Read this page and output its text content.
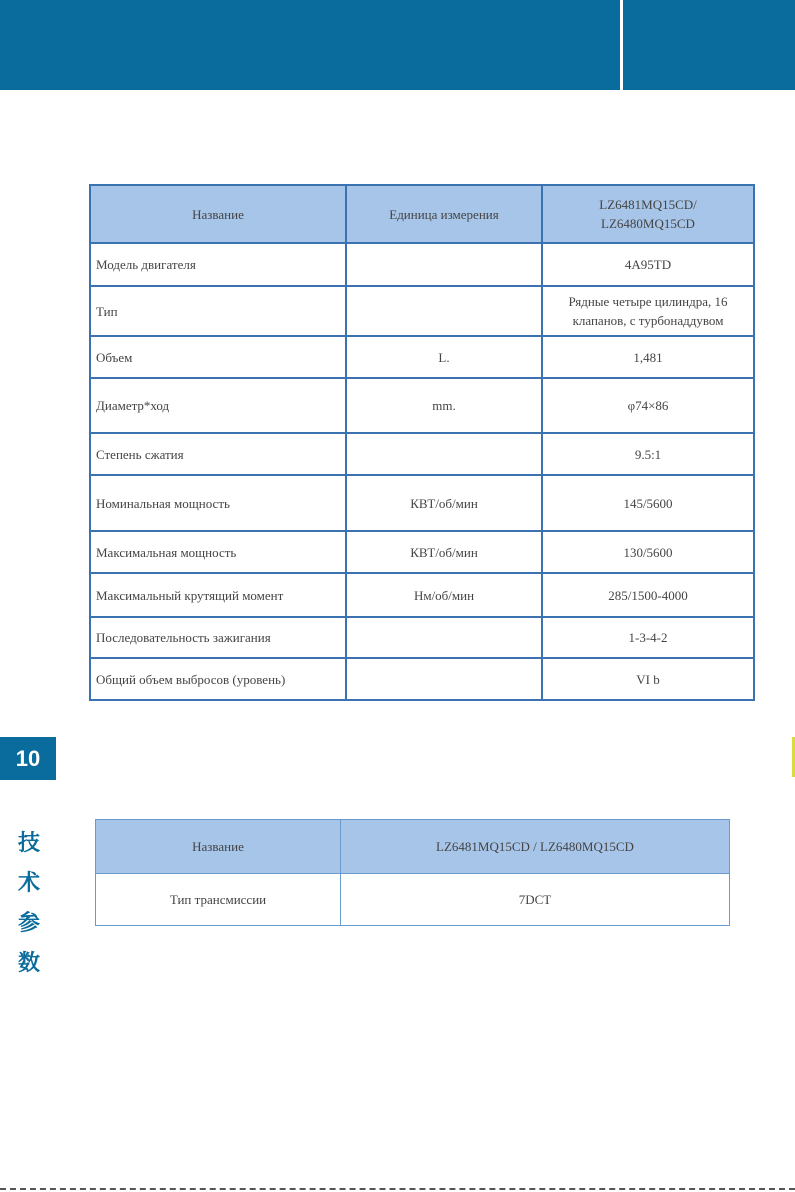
Название	Единица измерения	LZ6481MQ15CD/
LZ6480MQ15CD
Модель двигателя		4A95TD
Тип		Рядные четыре цилиндра, 16 клапанов, с турбонаддувом
Объем	L.	1,481
Диаметр*ход	mm.	φ74×86
Степень сжатия		9.5:1
Номинальная мощность	КВТ/об/мин	145/5600
Максимальная мощность	КВТ/об/мин	130/5600
Максимальный крутящий момент	Нм/об/мин	285/1500-4000
Последовательность зажигания		1-3-4-2
Общий объем выбросов (уровень)		VI b
10
技
术
参
数
Название	LZ6481MQ15CD / LZ6480MQ15CD
Тип трансмиссии	7DCT
